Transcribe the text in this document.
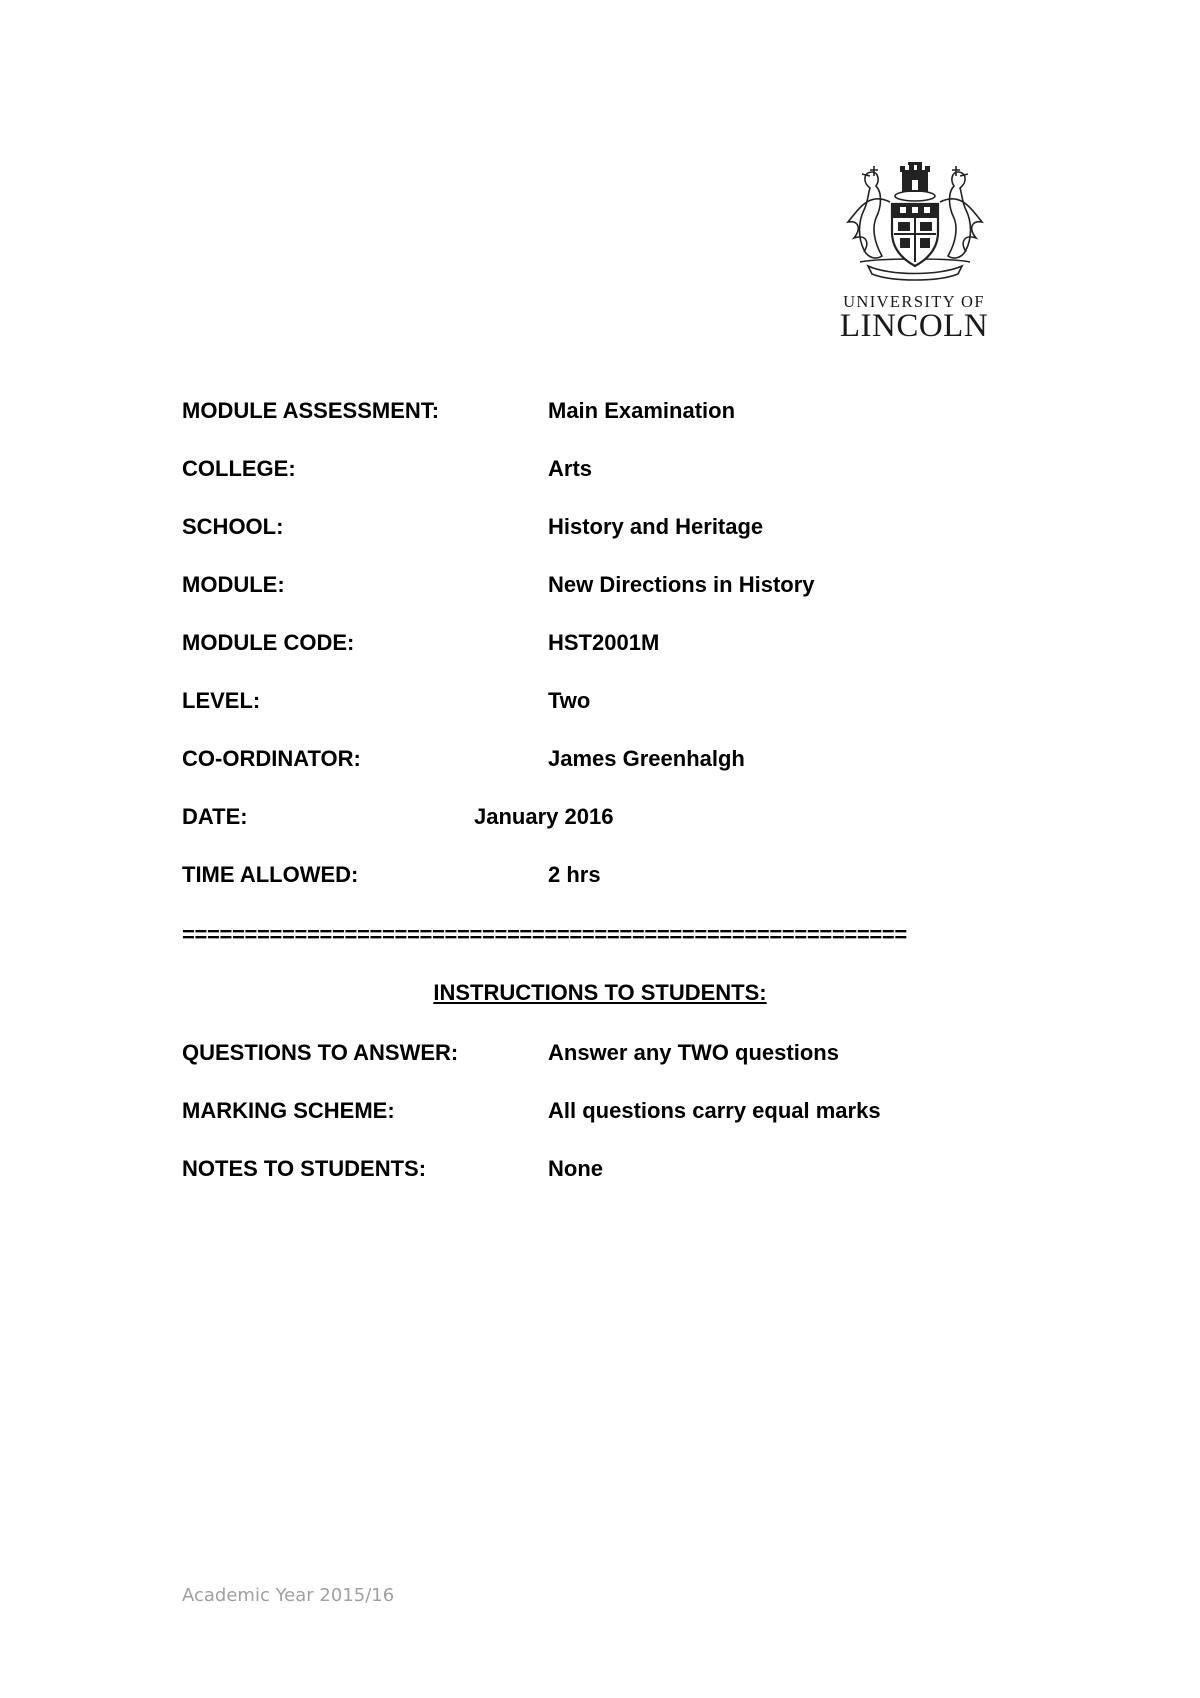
UNIVERSITY OF
LINCOLN
MODULE ASSESSMENT:	Main Examination
COLLEGE:	Arts
SCHOOL:	History and Heritage
MODULE:	New Directions in History
MODULE CODE:	HST2001M
LEVEL:	Two
CO-ORDINATOR:	James Greenhalgh
DATE:	January 2016
TIME ALLOWED:	2 hrs
==========================================================
INSTRUCTIONS TO STUDENTS:
QUESTIONS TO ANSWER:	Answer any TWO questions
MARKING SCHEME:	All questions carry equal marks
NOTES TO STUDENTS:	None
Academic Year 2015/16
